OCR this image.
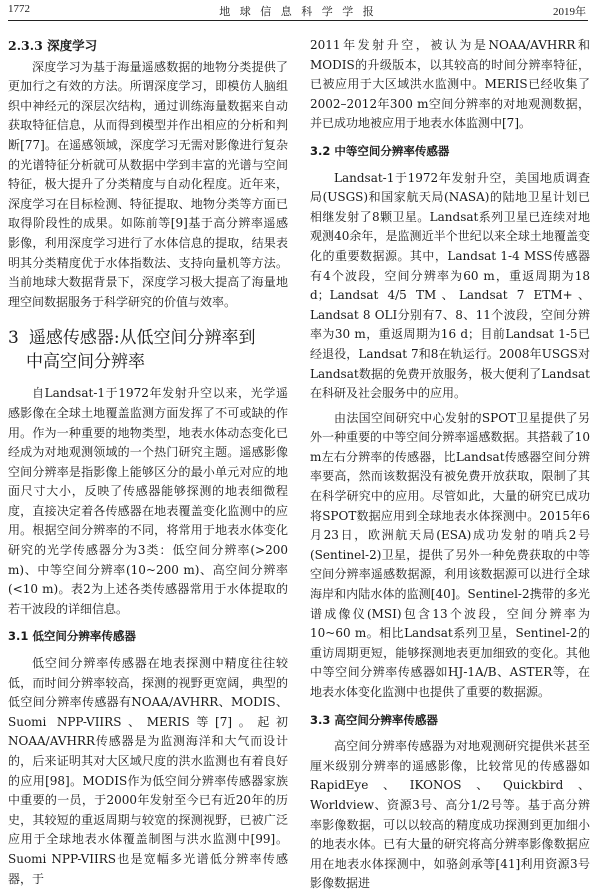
1772	地 球 信 息 科 学 学 报	2019年
2.3.3 深度学习

深度学习为基于海量遥感数据的地物分类提供了更加行之有效的方法。所谓深度学习，即模仿人脑组织中神经元的深层次结构，通过训练海量数据来自动获取特征信息，从而得到模型并作出相应的分析和判断[77]。在遥感领域，深度学习无需对影像进行复杂的光谱特征分析就可从数据中学到丰富的光谱与空间特征，极大提升了分类精度与自动化程度。近年来，深度学习在目标检测、特征提取、地物分类等方面已取得阶段性的成果。如陈前等[9]基于高分辨率遥感影像，利用深度学习进行了水体信息的提取，结果表明其分类精度优于水体指数法、支持向量机等方法。当前地球大数据背景下，深度学习极大提高了海量地理空间数据服务于科学研究的价值与效率。

3 遥感传感器:从低空间分辨率到
中高空间分辨率

自Landsat-1于1972年发射升空以来，光学遥感影像在全球土地覆盖监测方面发挥了不可或缺的作用。作为一种重要的地物类型，地表水体动态变化已经成为对地观测领域的一个热门研究主题。遥感影像空间分辨率是指影像上能够区分的最小单元对应的地面尺寸大小，反映了传感器能够探测的地表细微程度，直接决定着各传感器在地表覆盖变化监测中的应用。根据空间分辨率的不同，将常用于地表水体变化研究的光学传感器分为3类：低空间分辨率(>200 m)、中等空间分辨率(10~200 m)、高空间分辨率(<10 m)。表2为上述各类传感器常用于水体提取的若干波段的详细信息。

3.1 低空间分辨率传感器

低空间分辨率传感器在地表探测中精度往往较低，而时间分辨率较高，探测的视野更宽阔，典型的低空间分辨率传感器有NOAA/AVHRR、MODIS、Suomi NPP-VIIRS、MERIS等[7]。起初NOAA/AVHRR传感器是为监测海洋和大气而设计的，后来证明其对大区域尺度的洪水监测也有着良好的应用[98]。MODIS作为低空间分辨率传感器家族中重要的一员，于2000年发射至今已有近20年的历史，其较短的重返周期与较宽的探测视野，已被广泛应用于全球地表水体覆盖制图与洪水监测中[99]。Suomi NPP-VIIRS也是宽幅多光谱低分辨率传感器，于

2011年发射升空，被认为是NOAA/AVHRR和MODIS的升级版本，以其较高的时间分辨率特征，已被应用于大区域洪水监测中。MERIS已经收集了2002–2012年300 m空间分辨率的对地观测数据，并已成功地被应用于地表水体监测中[7]。

3.2 中等空间分辨率传感器

Landsat-1于1972年发射升空，美国地质调查局(USGS)和国家航天局(NASA)的陆地卫星计划已相继发射了8颗卫星。Landsat系列卫星已连续对地观测40余年，是监测近半个世纪以来全球土地覆盖变化的重要数据源。其中，Landsat 1-4 MSS传感器有4个波段，空间分辨率为60 m，重返周期为18 d；Landsat 4/5 TM、Landsat 7 ETM+、Landsat 8 OLI分别有7、8、11个波段，空间分辨率为30 m，重返周期为16 d；目前Landsat 1-5已经退役，Landsat 7和8在轨运行。2008年USGS对Landsat数据的免费开放服务，极大便利了Landsat在科研及社会服务中的应用。

由法国空间研究中心发射的SPOT卫星提供了另外一种重要的中等空间分辨率遥感数据。其搭载了10 m左右分辨率的传感器，比Landsat传感器空间分辨率要高，然而该数据没有被免费开放获取，限制了其在科学研究中的应用。尽管如此，大量的研究已成功将SPOT数据应用到全球地表水体探测中。2015年6月23日，欧洲航天局(ESA)成功发射的哨兵2号(Sentinel-2)卫星，提供了另外一种免费获取的中等空间分辨率遥感数据源，利用该数据源可以进行全球海岸和内陆水体的监测[40]。Sentinel-2携带的多光谱成像仪(MSI)包含13个波段，空间分辨率为10~60 m。相比Landsat系列卫星，Sentinel-2的重访周期更短，能够探测地表更加细致的变化。其他中等空间分辨率传感器如HJ-1A/B、ASTER等，在地表水体变化监测中也提供了重要的数据源。

3.3 高空间分辨率传感器

高空间分辨率传感器为对地观测研究提供米甚至厘米级别分辨率的遥感影像，比较常见的传感器如RapidEye、IKONOS、Quickbird、Worldview、资源3号、高分1/2号等。基于高分辨率影像数据，可以以较高的精度成功探测到更加细小的地表水体。已有大量的研究将高分辨率影像数据应用在地表水体探测中，如骆剑承等[41]利用资源3号影像数据进
